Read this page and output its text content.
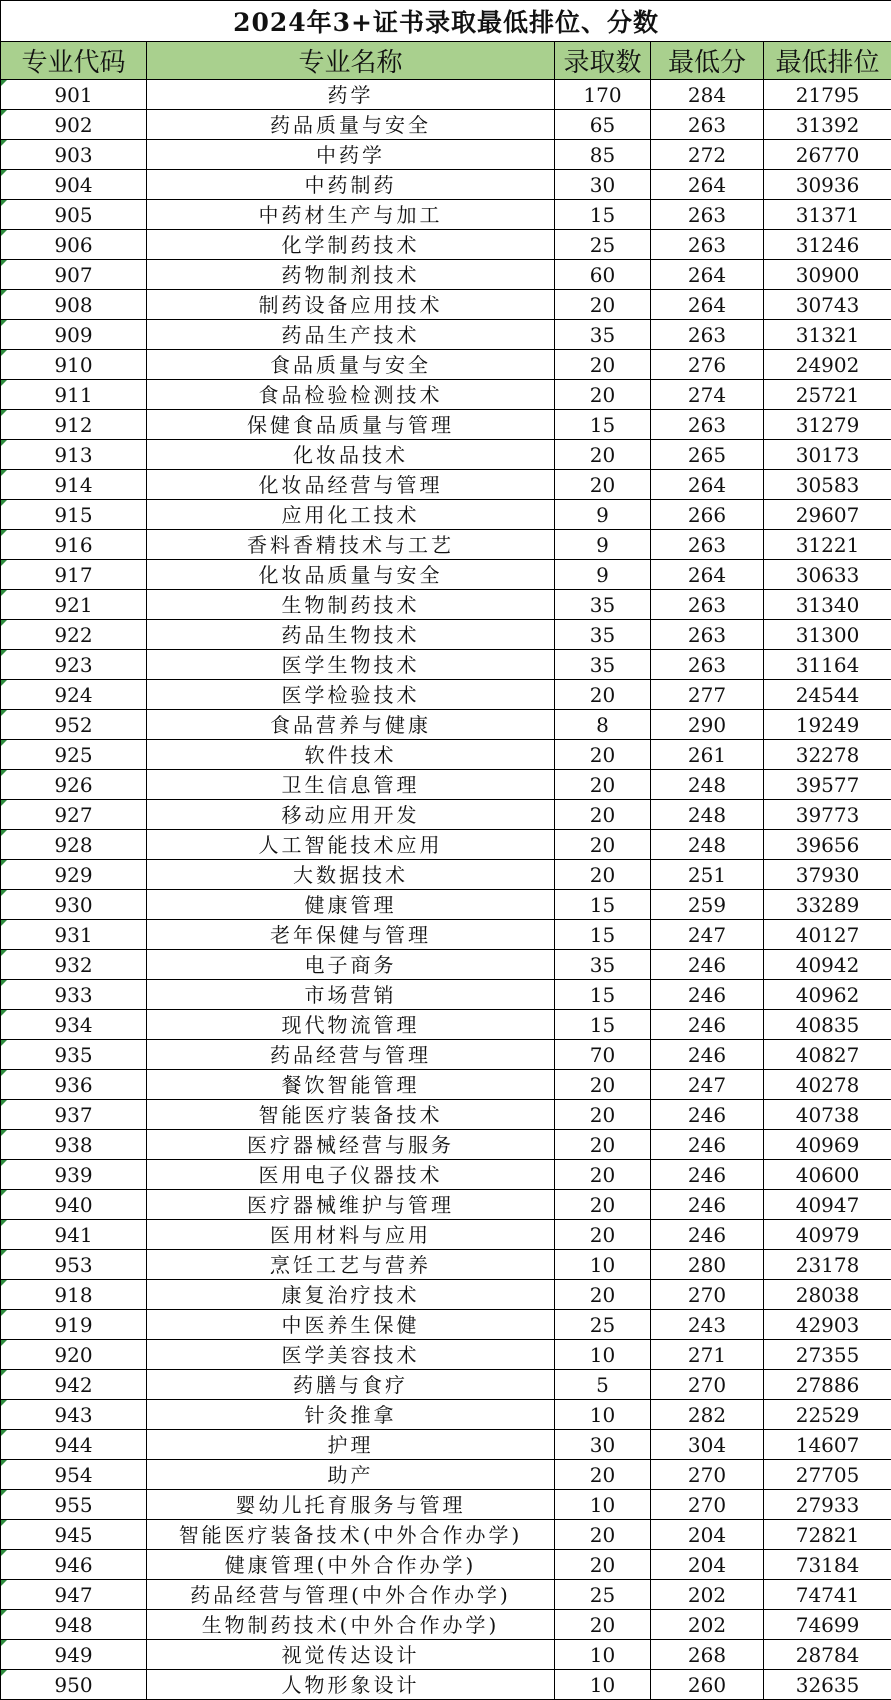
2024年3+证书录取最低排位、分数				
专业代码	专业名称	录取数	最低分	最低排位
901	药学	170	284	21795
902	药品质量与安全	65	263	31392
903	中药学	85	272	26770
904	中药制药	30	264	30936
905	中药材生产与加工	15	263	31371
906	化学制药技术	25	263	31246
907	药物制剂技术	60	264	30900
908	制药设备应用技术	20	264	30743
909	药品生产技术	35	263	31321
910	食品质量与安全	20	276	24902
911	食品检验检测技术	20	274	25721
912	保健食品质量与管理	15	263	31279
913	化妆品技术	20	265	30173
914	化妆品经营与管理	20	264	30583
915	应用化工技术	9	266	29607
916	香料香精技术与工艺	9	263	31221
917	化妆品质量与安全	9	264	30633
921	生物制药技术	35	263	31340
922	药品生物技术	35	263	31300
923	医学生物技术	35	263	31164
924	医学检验技术	20	277	24544
952	食品营养与健康	8	290	19249
925	软件技术	20	261	32278
926	卫生信息管理	20	248	39577
927	移动应用开发	20	248	39773
928	人工智能技术应用	20	248	39656
929	大数据技术	20	251	37930
930	健康管理	15	259	33289
931	老年保健与管理	15	247	40127
932	电子商务	35	246	40942
933	市场营销	15	246	40962
934	现代物流管理	15	246	40835
935	药品经营与管理	70	246	40827
936	餐饮智能管理	20	247	40278
937	智能医疗装备技术	20	246	40738
938	医疗器械经营与服务	20	246	40969
939	医用电子仪器技术	20	246	40600
940	医疗器械维护与管理	20	246	40947
941	医用材料与应用	20	246	40979
953	烹饪工艺与营养	10	280	23178
918	康复治疗技术	20	270	28038
919	中医养生保健	25	243	42903
920	医学美容技术	10	271	27355
942	药膳与食疗	5	270	27886
943	针灸推拿	10	282	22529
944	护理	30	304	14607
954	助产	20	270	27705
955	婴幼儿托育服务与管理	10	270	27933
945	智能医疗装备技术(中外合作办学)	20	204	72821
946	健康管理(中外合作办学)	20	204	73184
947	药品经营与管理(中外合作办学)	25	202	74741
948	生物制药技术(中外合作办学)	20	202	74699
949	视觉传达设计	10	268	28784
950	人物形象设计	10	260	32635
